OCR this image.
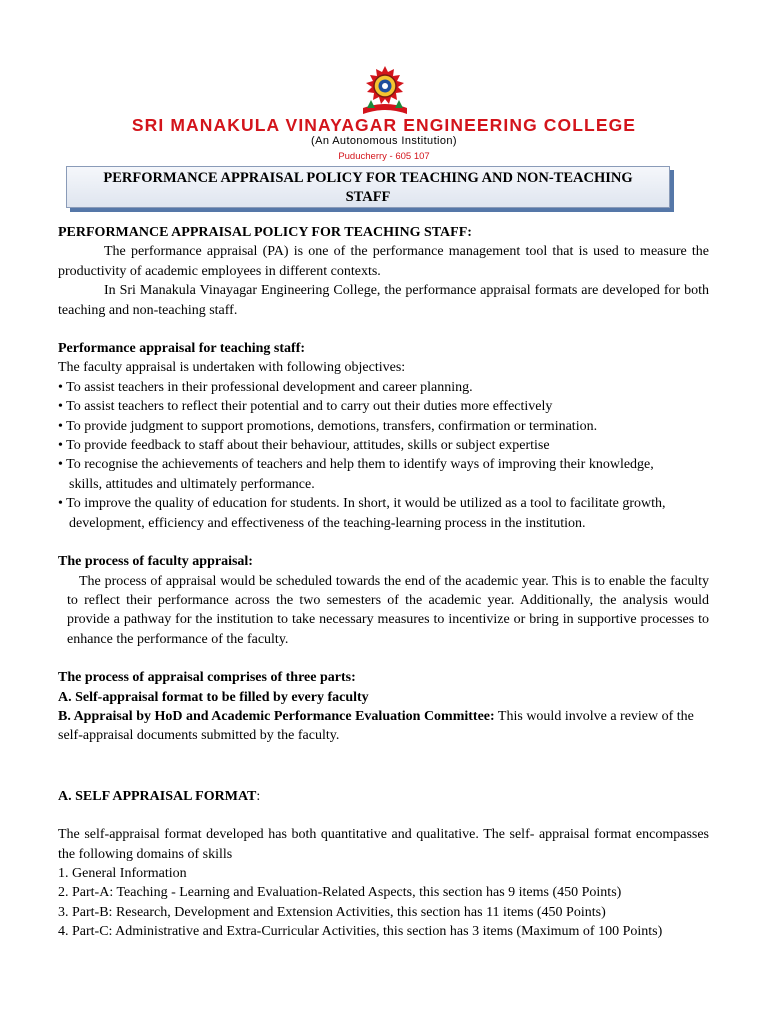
SRI MANAKULA VINAYAGAR ENGINEERING COLLEGE
(An Autonomous Institution)
Puducherry - 605 107
PERFORMANCE APPRAISAL POLICY FOR TEACHING AND NON-TEACHING
STAFF

PERFORMANCE APPRAISAL POLICY FOR TEACHING STAFF:

The performance appraisal (PA) is one of the performance management tool that is used to measure the productivity of academic employees in different contexts.

In Sri Manakula Vinayagar Engineering College, the performance appraisal formats are developed for both teaching and non-teaching staff.

Performance appraisal for teaching staff:

The faculty appraisal is undertaken with following objectives:

• To assist teachers in their professional development and career planning.

• To assist teachers to reflect their potential and to carry out their duties more effectively

• To provide judgment to support promotions, demotions, transfers, confirmation or termination.

• To provide feedback to staff about their behaviour, attitudes, skills or subject expertise

• To recognise the achievements of teachers and help them to identify ways of improving their knowledge, skills, attitudes and ultimately performance.

• To improve the quality of education for students. In short, it would be utilized as a tool to facilitate growth, development, efficiency and effectiveness of the teaching-learning process in the institution.

The process of faculty appraisal:

The process of appraisal would be scheduled towards the end of the academic year. This is to enable the faculty to reflect their performance across the two semesters of the academic year. Additionally, the analysis would provide a pathway for the institution to take necessary measures to incentivize or bring in supportive processes to enhance the performance of the faculty.

The process of appraisal comprises of three parts:

A. Self-appraisal format to be filled by every faculty

B. Appraisal by HoD and Academic Performance Evaluation Committee: This would involve a review of the self-appraisal documents submitted by the faculty.

A. SELF APPRAISAL FORMAT:

The self-appraisal format developed has both quantitative and qualitative. The self- appraisal format encompasses the following domains of skills

1. General Information

2. Part-A: Teaching - Learning and Evaluation-Related Aspects, this section has 9 items (450 Points)

3. Part-B: Research, Development and Extension Activities, this section has 11 items (450 Points)

4. Part-C: Administrative and Extra-Curricular Activities, this section has 3 items (Maximum of 100 Points)
